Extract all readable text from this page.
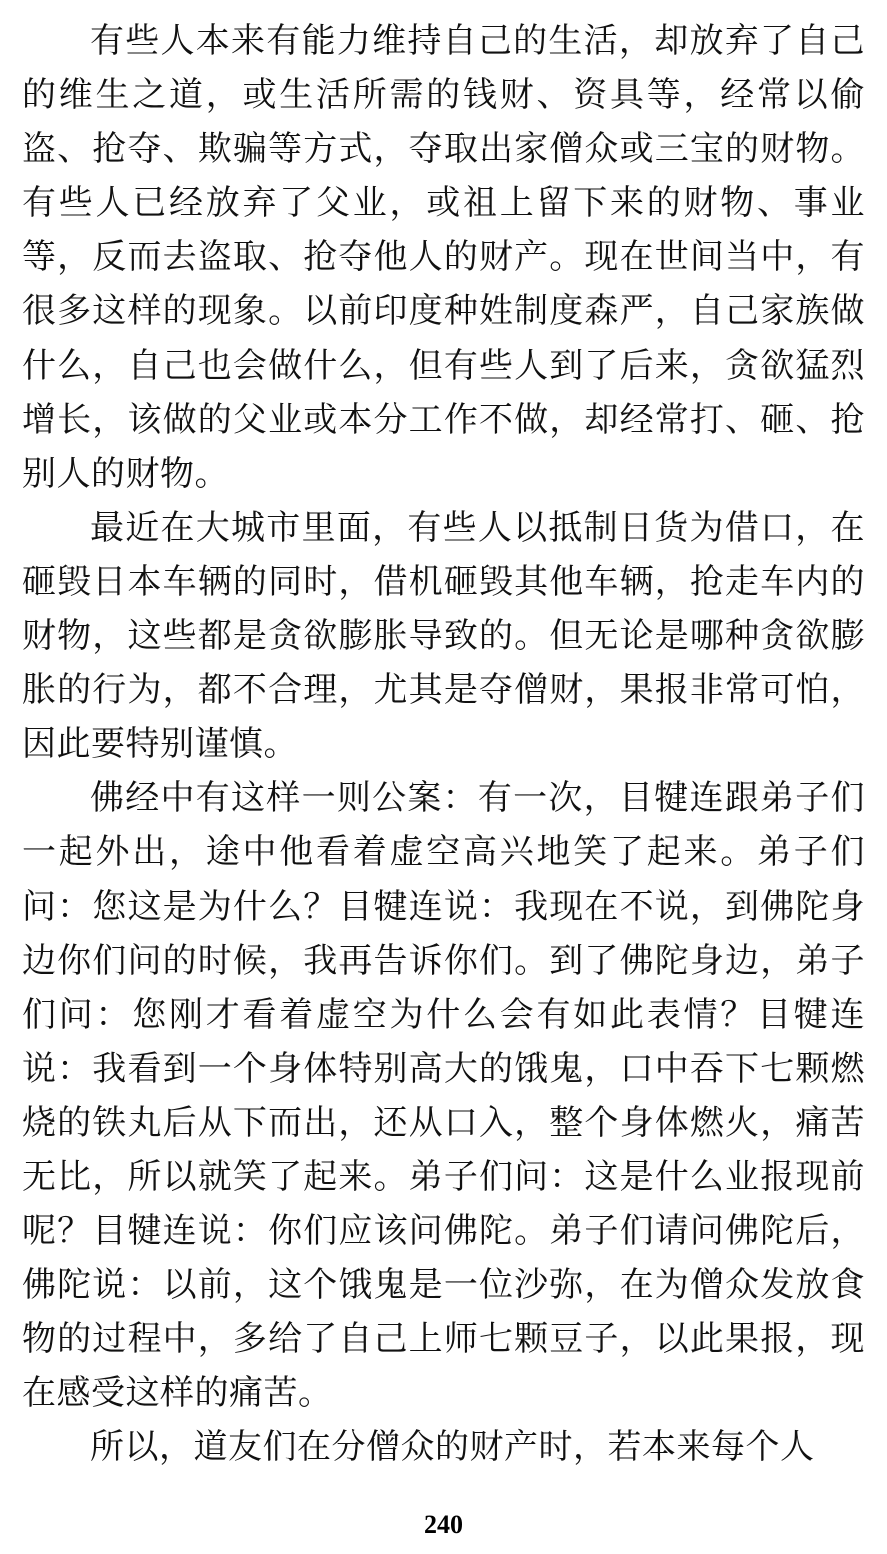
有些人本来有能力维持自己的生活，却放弃了自己的维生之道，或生活所需的钱财、资具等，经常以偷盗、抢夺、欺骗等方式，夺取出家僧众或三宝的财物。有些人已经放弃了父业，或祖上留下来的财物、事业等，反而去盗取、抢夺他人的财产。现在世间当中，有很多这样的现象。以前印度种姓制度森严，自己家族做什么，自己也会做什么，但有些人到了后来，贪欲猛烈增长，该做的父业或本分工作不做，却经常打、砸、抢别人的财物。

最近在大城市里面，有些人以抵制日货为借口，在砸毁日本车辆的同时，借机砸毁其他车辆，抢走车内的财物，这些都是贪欲膨胀导致的。但无论是哪种贪欲膨胀的行为，都不合理，尤其是夺僧财，果报非常可怕，因此要特别谨慎。

佛经中有这样一则公案：有一次，目犍连跟弟子们一起外出，途中他看着虚空高兴地笑了起来。弟子们问：您这是为什么？目犍连说：我现在不说，到佛陀身边你们问的时候，我再告诉你们。到了佛陀身边，弟子们问：您刚才看着虚空为什么会有如此表情？目犍连说：我看到一个身体特别高大的饿鬼，口中吞下七颗燃烧的铁丸后从下而出，还从口入，整个身体燃火，痛苦无比，所以就笑了起来。弟子们问：这是什么业报现前呢？目犍连说：你们应该问佛陀。弟子们请问佛陀后，佛陀说：以前，这个饿鬼是一位沙弥，在为僧众发放食物的过程中，多给了自己上师七颗豆子，以此果报，现在感受这样的痛苦。

所以，道友们在分僧众的财产时，若本来每个人

240
